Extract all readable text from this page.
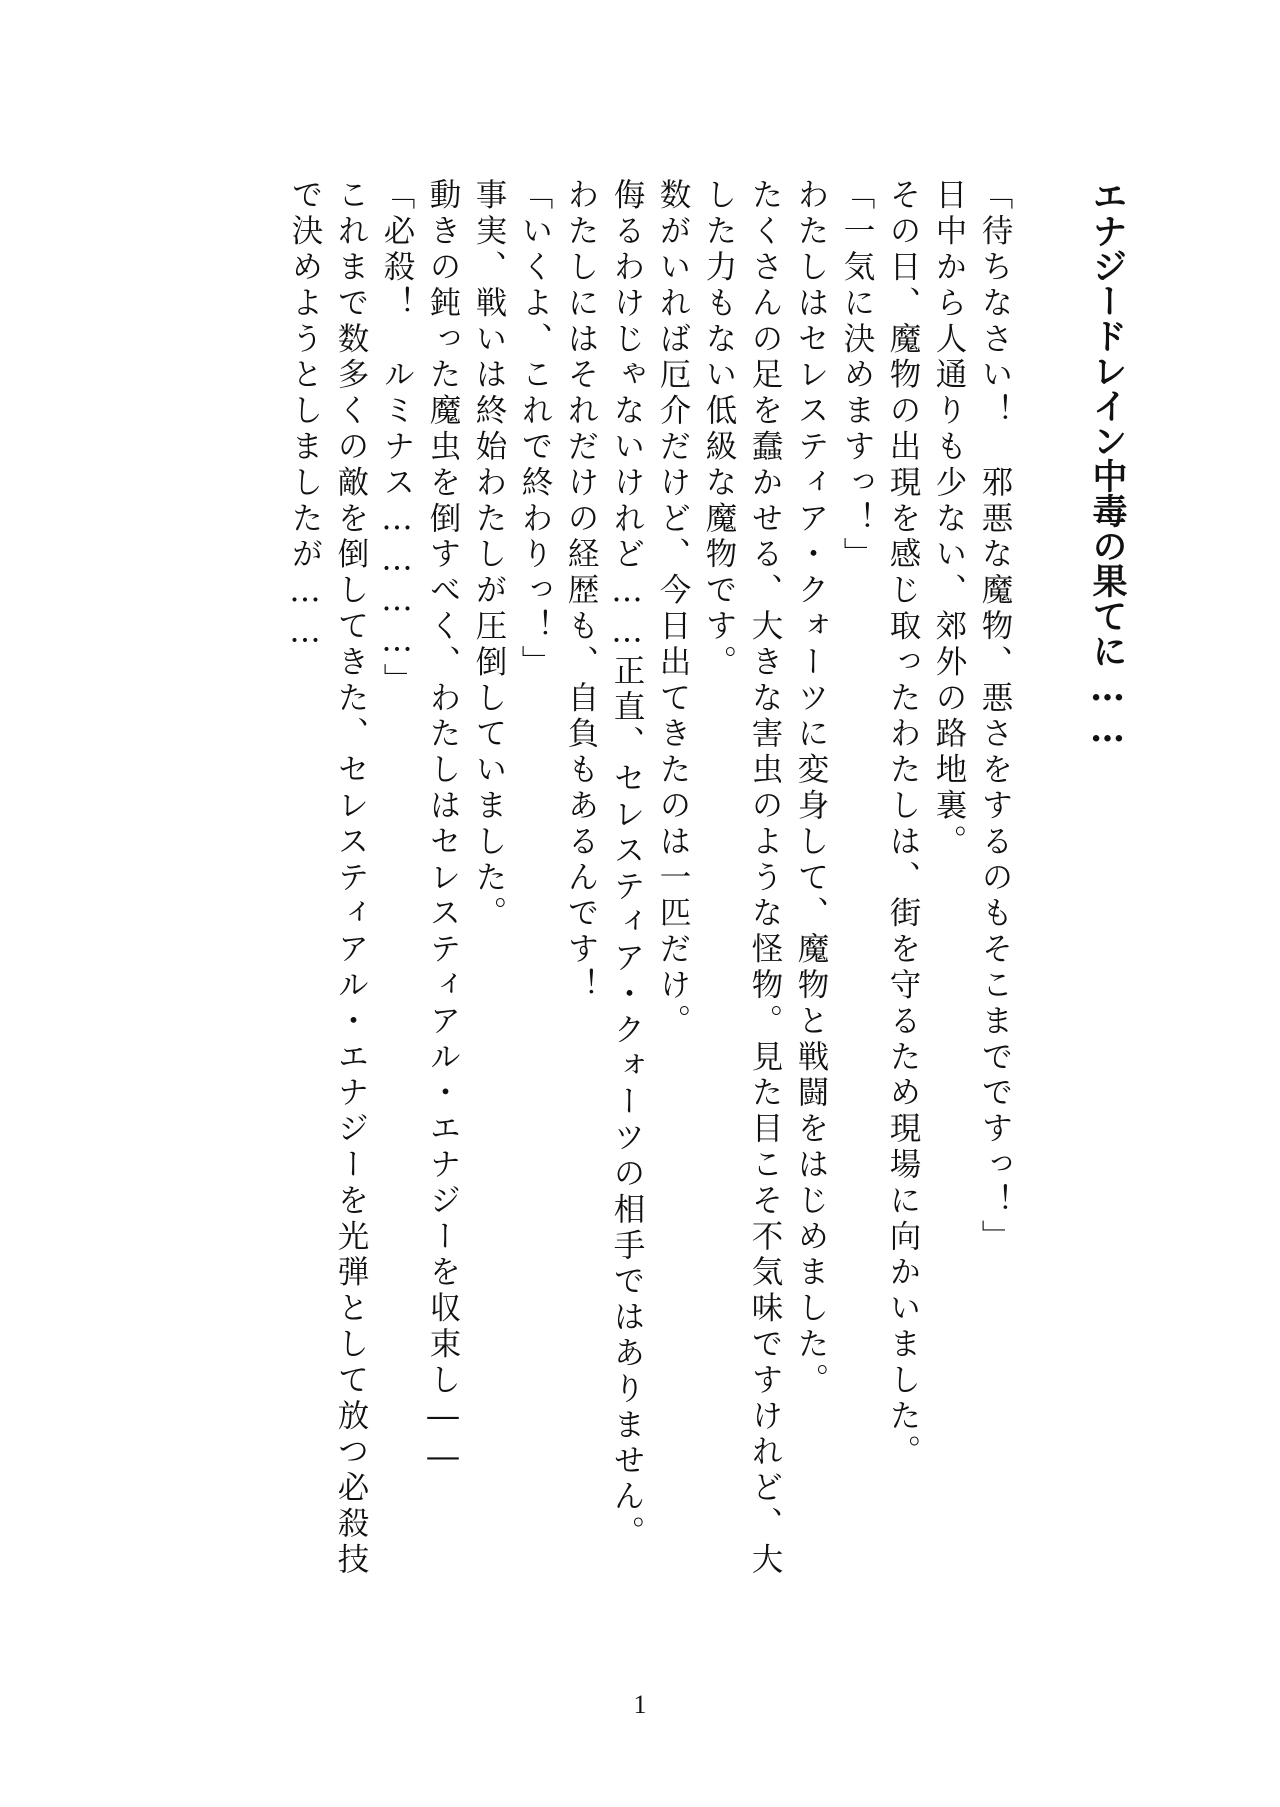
エナジードレイン中毒の果てに……
「待ちなさい！　邪悪な魔物、悪さをするのもそこまでですっ！」
日中から人通りも少ない、郊外の路地裏。
その日、魔物の出現を感じ取ったわたしは、街を守るため現場に向かいました。
「一気に決めますっ！」
わたしはセレスティア・クォーツに変身して、魔物と戦闘をはじめました。
たくさんの足を蠢かせる、大きな害虫のような怪物。見た目こそ不気味ですけれど、大
した力もない低級な魔物です。
数がいれば厄介だけど、今日出てきたのは一匹だけ。
侮るわけじゃないけれど……正直、セレスティア・クォーツの相手ではありません。
わたしにはそれだけの経歴も、自負もあるんです！
「いくよ、これで終わりっ！」
事実、戦いは終始わたしが圧倒していました。
動きの鈍った魔虫を倒すべく、わたしはセレスティアル・エナジーを収束し――
「必殺！　ルミナス…………」
これまで数多くの敵を倒してきた、セレスティアル・エナジーを光弾として放つ必殺技
で決めようとしましたが……
1
